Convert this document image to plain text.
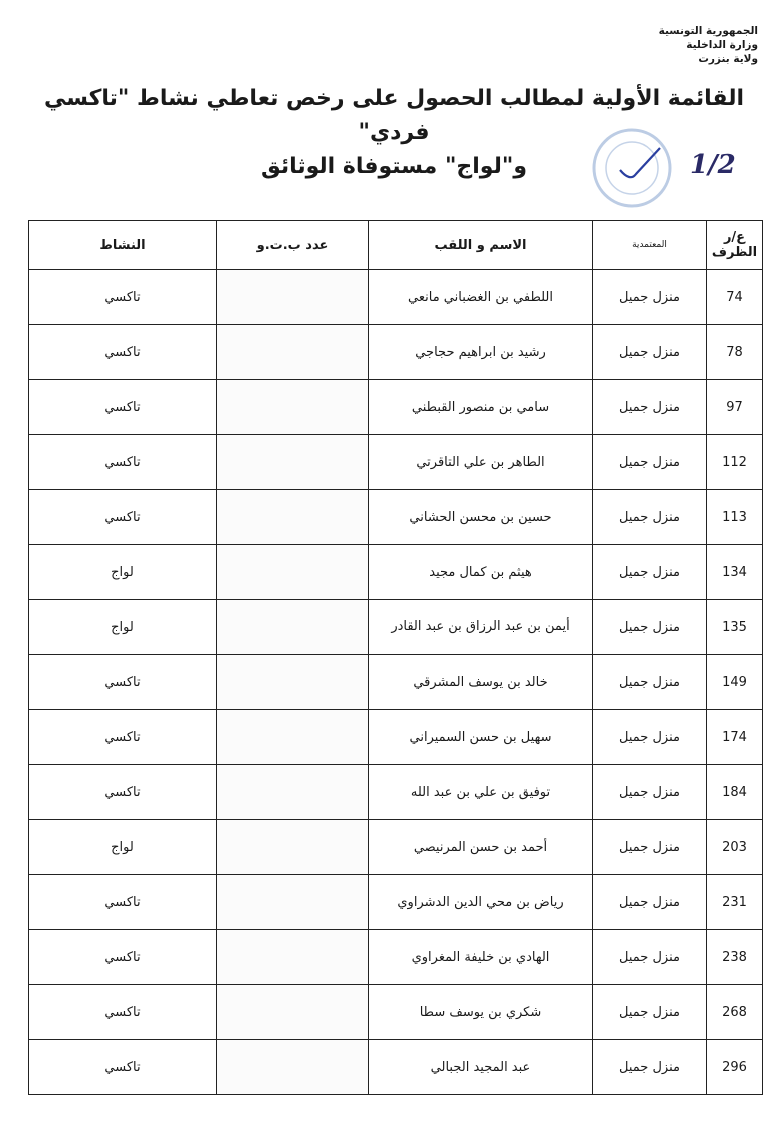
الجمهورية التونسية
وزارة الداخلية
ولاية بنزرت
القائمة الأولية لمطالب الحصول على رخص تعاطي نشاط "تاكسي فردي"
و"لواج" مستوفاة الوثائق	1/2
ع/ر الظرف	المعتمدية	الاسم و اللقب	عدد ب.ت.و	النشاط
74	منزل جميل	اللطفي بن الغضباني مانعي		تاكسي
78	منزل جميل	رشيد بن ابراهيم حجاجي		تاكسي
97	منزل جميل	سامي بن منصور القبطني		تاكسي
112	منزل جميل	الطاهر بن علي التاقرتي		تاكسي
113	منزل جميل	حسين بن محسن الحشاني		تاكسي
134	منزل جميل	هيثم بن كمال مجيد		لواج
135	منزل جميل	أيمن بن عبد الرزاق بن عبد القادر		لواج
149	منزل جميل	خالد بن يوسف المشرقي		تاكسي
174	منزل جميل	سهيل بن حسن السميراني		تاكسي
184	منزل جميل	توفيق بن علي بن عبد الله		تاكسي
203	منزل جميل	أحمد بن حسن المرنيصي		لواج
231	منزل جميل	رياض بن محي الدين الدشراوي		تاكسي
238	منزل جميل	الهادي بن خليفة المغراوي		تاكسي
268	منزل جميل	شكري بن يوسف سطا		تاكسي
296	منزل جميل	عبد المجيد الجبالي		تاكسي
